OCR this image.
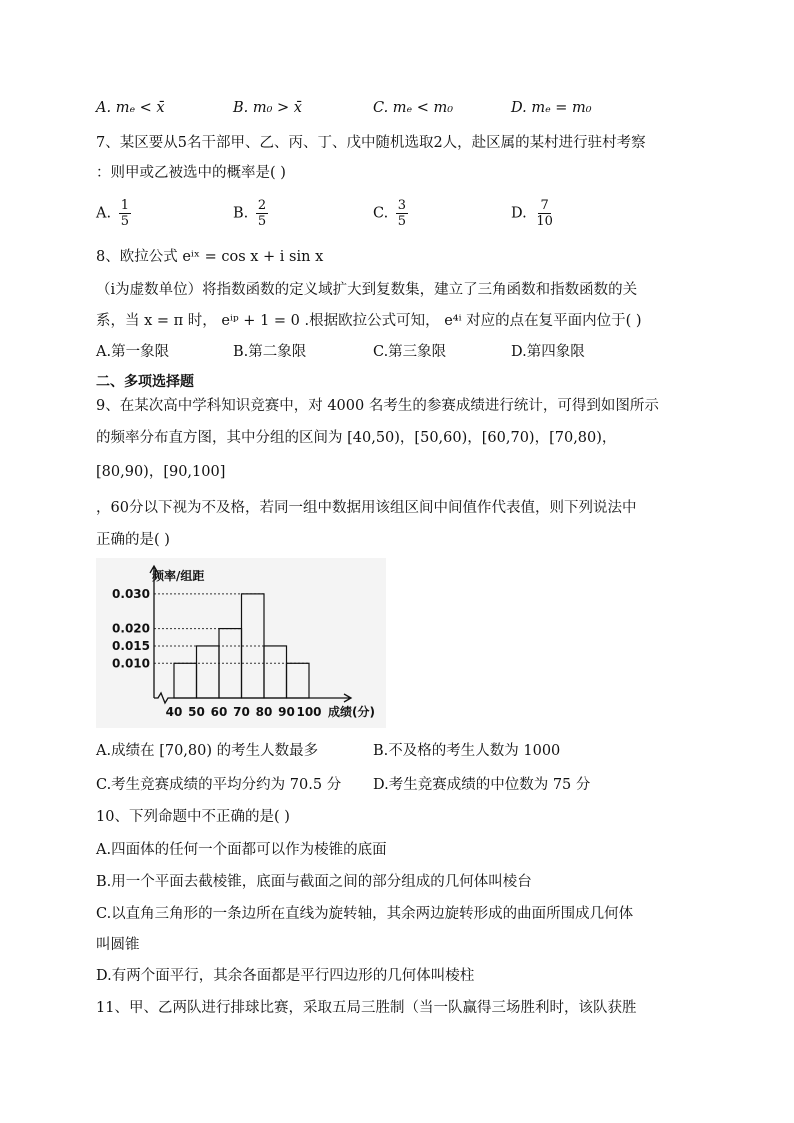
A. mₑ < x̄	B. m₀ > x̄	C. mₑ < m₀	D. mₑ = m₀
7、某区要从5名干部甲、乙、丙、丁、戊中随机选取2人，赴区属的某村进行驻村考察
：则甲或乙被选中的概率是( )
A. $\frac{1}{5}$	B. $\frac{2}{5}$	C. $\frac{3}{5}$	D. $\frac{7}{10}$
8、欧拉公式 eⁱˣ = cos x + i sin x
（i为虚数单位）将指数函数的定义域扩大到复数集，建立了三角函数和指数函数的关
系，当 x = π 时， eⁱᵖ + 1 = 0 .根据欧拉公式可知， e⁴ⁱ 对应的点在复平面内位于( )
A.第一象限	B.第二象限	C.第三象限	D.第四象限
二、多项选择题
9、在某次高中学科知识竞赛中，对 4000 名考生的参赛成绩进行统计，可得到如图所示
的频率分布直方图，其中分组的区间为 [40,50)，[50,60)，[60,70)，[70,80)，
[80,90)，[90,100]
，60分以下视为不及格，若同一组中数据用该组区间中间值作代表值，则下列说法中
正确的是( )
40 50 60 70 80 90 100
0.010
0.015
0.020
0.030
频率/组距
成绩(分)
A.成绩在 [70,80) 的考生人数最多	B.不及格的考生人数为 1000
C.考生竞赛成绩的平均分约为 70.5 分 D.考生竞赛成绩的中位数为 75 分
10、下列命题中不正确的是( )
A.四面体的任何一个面都可以作为棱锥的底面
B.用一个平面去截棱锥，底面与截面之间的部分组成的几何体叫棱台
C.以直角三角形的一条边所在直线为旋转轴，其余两边旋转形成的曲面所围成几何体
叫圆锥
D.有两个面平行，其余各面都是平行四边形的几何体叫棱柱
11、甲、乙两队进行排球比赛，采取五局三胜制（当一队赢得三场胜利时，该队获胜
